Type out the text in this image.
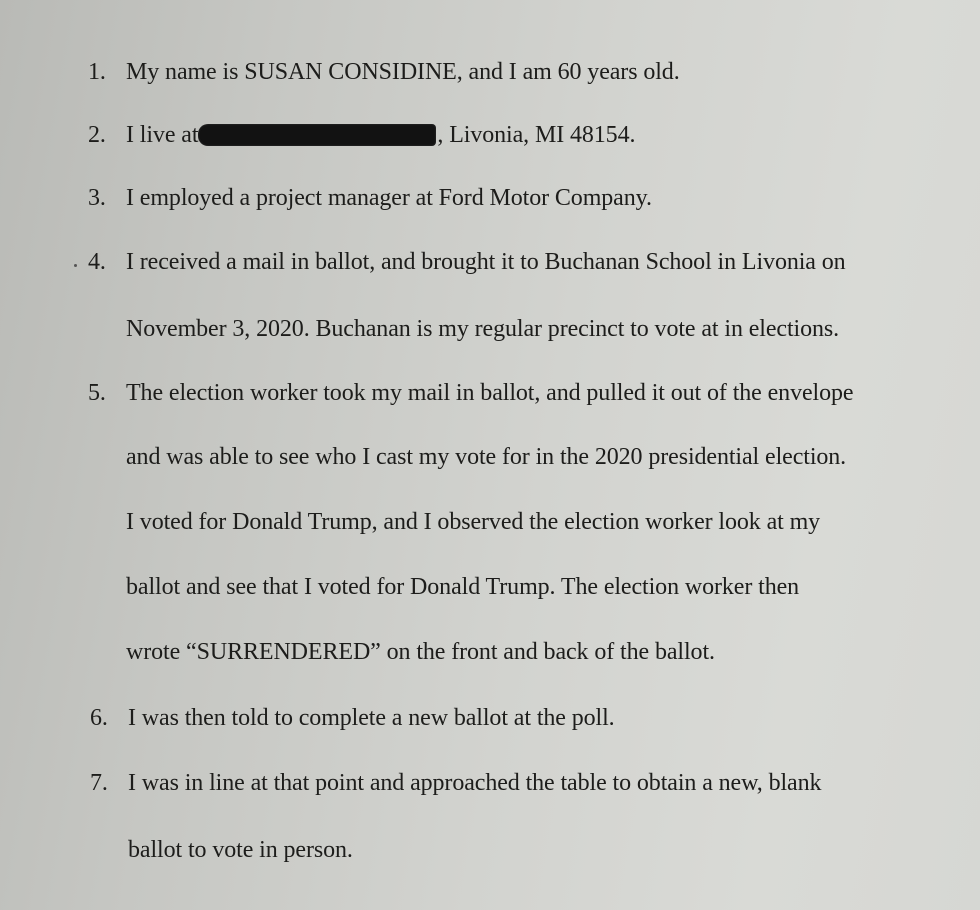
1. My name is SUSAN CONSIDINE, and I am 60 years old.
2. I live at	, Livonia, MI 48154.
3. I employed a project manager at Ford Motor Company.
4. I received a mail in ballot, and brought it to Buchanan School in Livonia on
November 3, 2020. Buchanan is my regular precinct to vote at in elections.
5. The election worker took my mail in ballot, and pulled it out of the envelope
and was able to see who I cast my vote for in the 2020 presidential election.
I voted for Donald Trump, and I observed the election worker look at my
ballot and see that I voted for Donald Trump. The election worker then
wrote “SURRENDERED” on the front and back of the ballot.
6. I was then told to complete a new ballot at the poll.
7. I was in line at that point and approached the table to obtain a new, blank
ballot to vote in person.
